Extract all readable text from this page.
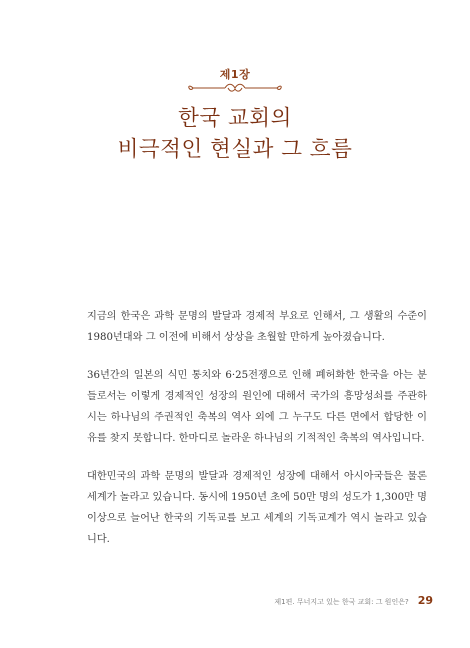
제1장
한국 교회의
비극적인 현실과 그 흐름

지금의 한국은 과학 문명의 발달과 경제적 부요로 인해서, 그 생활의 수준이 1980년대와 그 이전에 비해서 상상을 초월할 만하게 높아졌습니다.

36년간의 일본의 식민 통치와 6·25전쟁으로 인해 폐허화한 한국을 아는 분들로서는 이렇게 경제적인 성장의 원인에 대해서 국가의 흥망성쇠를 주관하시는 하나님의 주권적인 축복의 역사 외에 그 누구도 다른 면에서 합당한 이유를 찾지 못합니다. 한마디로 놀라운 하나님의 기적적인 축복의 역사입니다.

대한민국의 과학 문명의 발달과 경제적인 성장에 대해서 아시아국들은 물론 세계가 놀라고 있습니다. 동시에 1950년 초에 50만 명의 성도가 1,300만 명 이상으로 늘어난 한국의 기독교를 보고 세계의 기독교계가 역시 놀라고 있습니다.

제1편. 무너지고 있는 한국 교회: 그 원인은? 29
